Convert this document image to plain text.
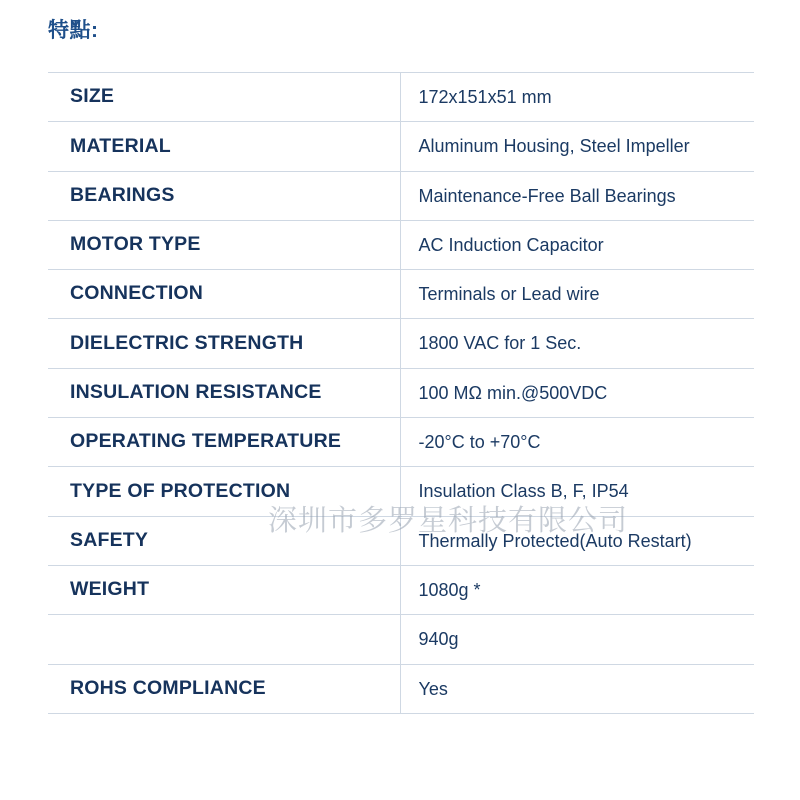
特點:
SIZE	172x151x51 mm

MATERIAL	Aluminum Housing, Steel Impeller

BEARINGS	Maintenance-Free Ball Bearings

MOTOR TYPE	AC Induction Capacitor

CONNECTION	Terminals or Lead wire

DIELECTRIC STRENGTH	1800 VAC for 1 Sec.

INSULATION RESISTANCE	100 MΩ min.@500VDC

OPERATING TEMPERATURE	-20°C to +70°C

TYPE OF PROTECTION	Insulation Class B, F, IP54

SAFETY	Thermally Protected(Auto Restart)

WEIGHT	1080g *

	940g

ROHS COMPLIANCE	Yes
深圳市多罗星科技有限公司
